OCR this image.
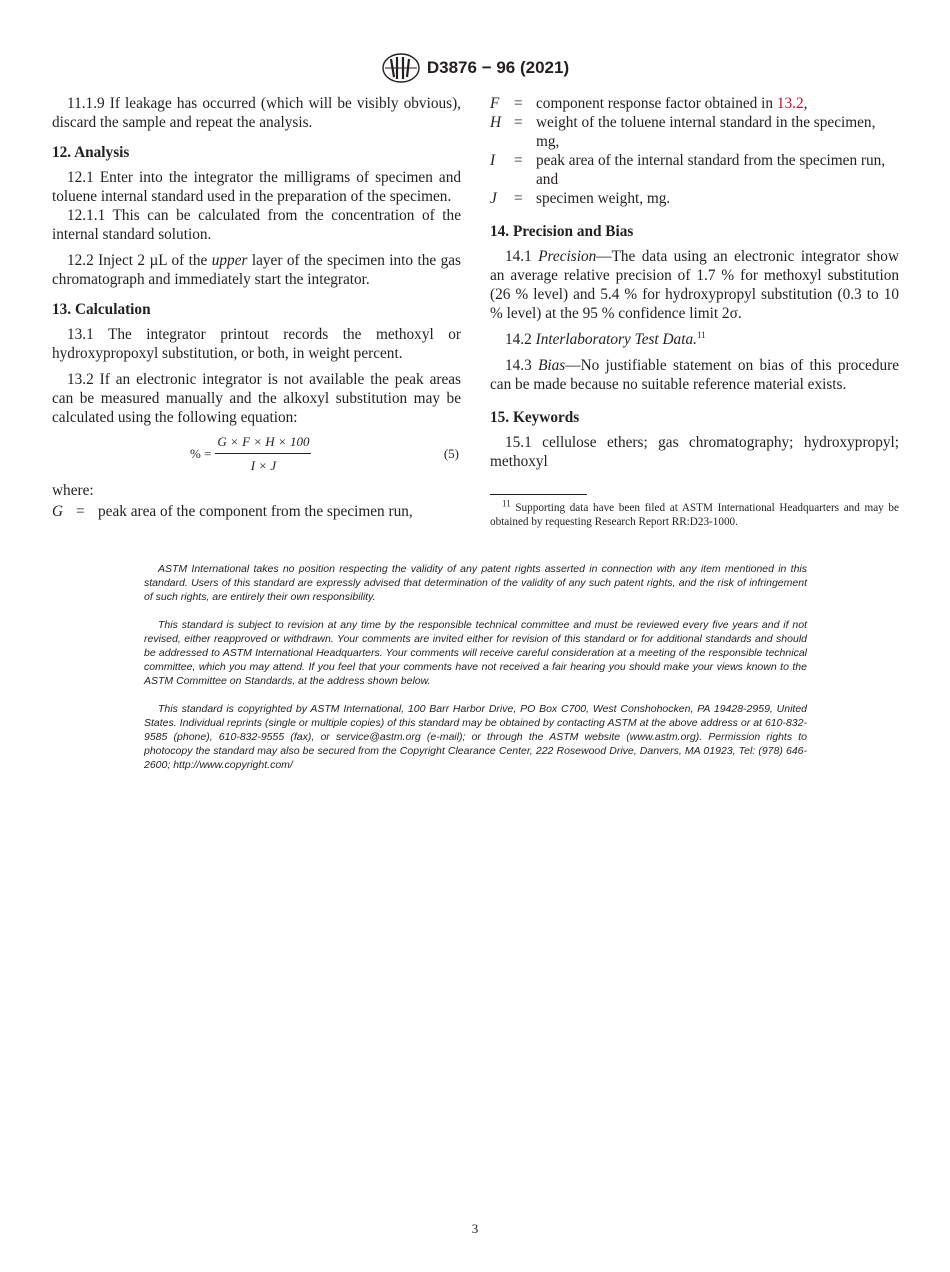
D3876 − 96 (2021)

11.1.9 If leakage has occurred (which will be visibly obvious), discard the sample and repeat the analysis.

12. Analysis

12.1 Enter into the integrator the milligrams of specimen and toluene internal standard used in the preparation of the specimen.

12.1.1 This can be calculated from the concentration of the internal standard solution.

12.2 Inject 2 µL of the upper layer of the specimen into the gas chromatograph and immediately start the integrator.

13. Calculation

13.1 The integrator printout records the methoxyl or hydroxypropoxyl substitution, or both, in weight percent.

13.2 If an electronic integrator is not available the peak areas can be measured manually and the alkoxyl substitution may be calculated using the following equation:

% = $\frac{G \times F \times H \times 100}{I \times J}$	(5)

where:

G = peak area of the component from the specimen run,
F = component response factor obtained in 13.2,
H = weight of the toluene internal standard in the specimen, mg,
I	= peak area of the internal standard from the specimen run, and
J	= specimen weight, mg.
14. Precision and Bias

14.1 Precision—The data using an electronic integrator show an average relative precision of 1.7 % for methoxyl substitution (26 % level) and 5.4 % for hydroxypropyl substitution (0.3 to 10 % level) at the 95 % confidence limit 2σ.

14.2 Interlaboratory Test Data.$^{11}$

14.3 Bias—No justifiable statement on bias of this procedure can be made because no suitable reference material exists.

15. Keywords

15.1 cellulose ethers; gas chromatography; hydroxypropyl; methoxyl

$^{11}$ Supporting data have been filed at ASTM International Headquarters and may be obtained by requesting Research Report RR:D23-1000.

ASTM International takes no position respecting the validity of any patent rights asserted in connection with any item mentioned in this standard. Users of this standard are expressly advised that determination of the validity of any such patent rights, and the risk of infringement of such rights, are entirely their own responsibility.

This standard is subject to revision at any time by the responsible technical committee and must be reviewed every five years and if not revised, either reapproved or withdrawn. Your comments are invited either for revision of this standard or for additional standards and should be addressed to ASTM International Headquarters. Your comments will receive careful consideration at a meeting of the responsible technical committee, which you may attend. If you feel that your comments have not received a fair hearing you should make your views known to the ASTM Committee on Standards, at the address shown below.

This standard is copyrighted by ASTM International, 100 Barr Harbor Drive, PO Box C700, West Conshohocken, PA 19428-2959, United States. Individual reprints (single or multiple copies) of this standard may be obtained by contacting ASTM at the above address or at 610-832-9585 (phone), 610-832-9555 (fax), or service@astm.org (e-mail); or through the ASTM website (www.astm.org). Permission rights to photocopy the standard may also be secured from the Copyright Clearance Center, 222 Rosewood Drive, Danvers, MA 01923, Tel: (978) 646-2600; http://www.copyright.com/

3
